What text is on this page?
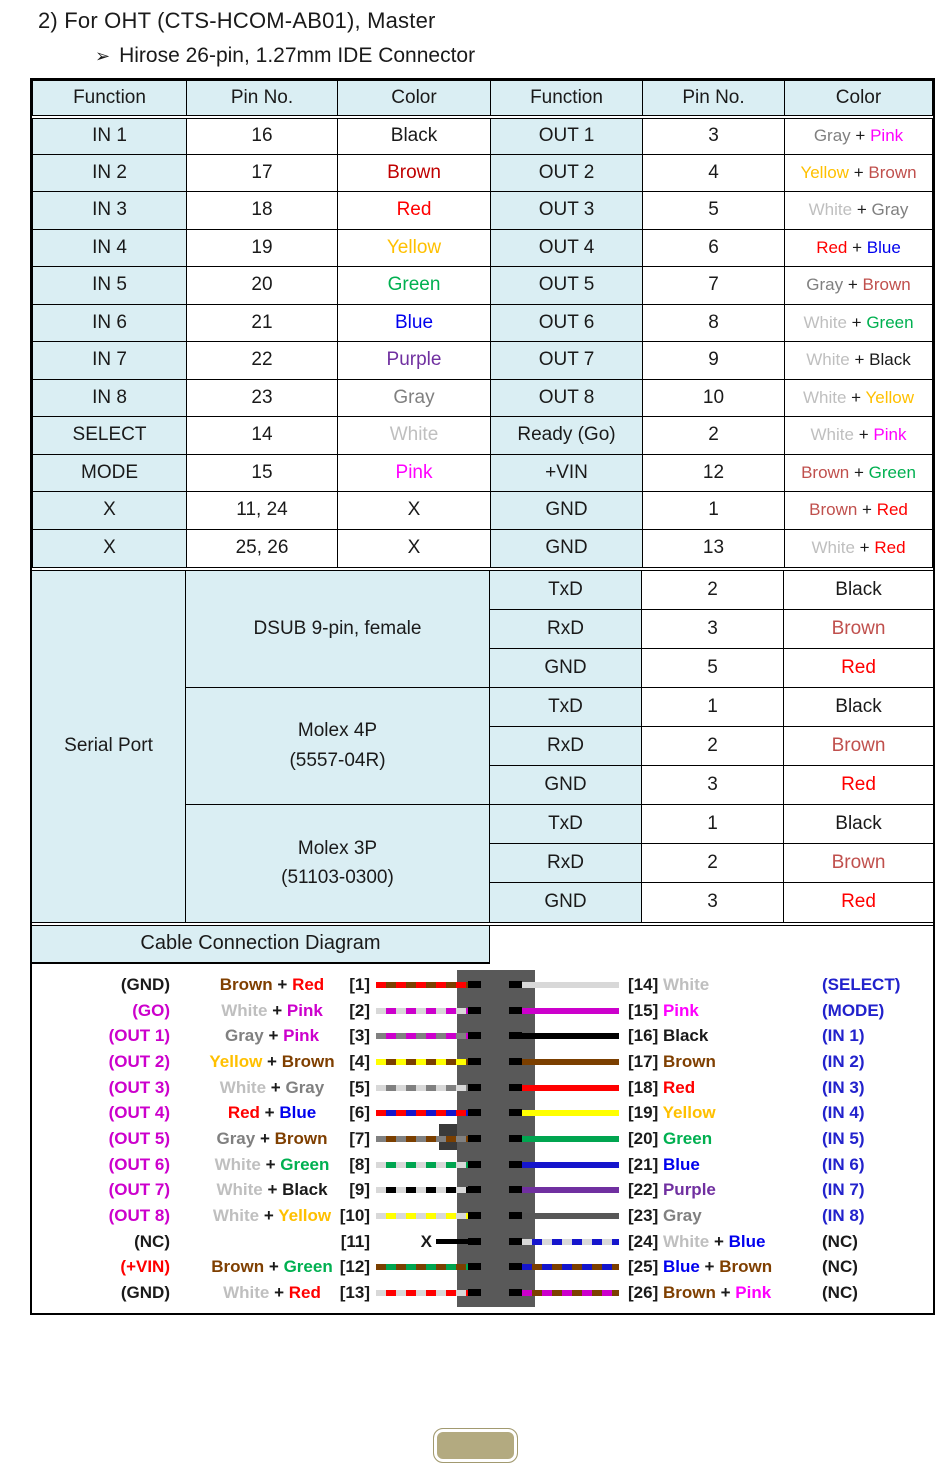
2) For OHT (CTS-HCOM-AB01), Master
➢ Hirose 26-pin, 1.27mm IDE Connector
Function	Pin No.	Color	Function	Pin No.	Color
IN 1	16	Black	OUT 1	3	Gray + Pink
IN 2	17	Brown	OUT 2	4	Yellow + Brown
IN 3	18	Red	OUT 3	5	White + Gray
IN 4	19	Yellow	OUT 4	6	Red + Blue
IN 5	20	Green	OUT 5	7	Gray + Brown
IN 6	21	Blue	OUT 6	8	White + Green
IN 7	22	Purple	OUT 7	9	White + Black
IN 8	23	Gray	OUT 8	10	White + Yellow
SELECT	14	White	Ready (Go)	2	White + Pink
MODE	15	Pink	+VIN	12	Brown + Green
X	11, 24	X	GND	1	Brown + Red
X	25, 26	X	GND	13	White + Red
Serial Port
DSUB 9-pin, female
TxD	2	Black
RxD	3	Brown
GND	5	Red
Molex 4P
(5557-04R)
TxD	1	Black
RxD	2	Brown
GND	3	Red
Molex 3P
(51103-0300)
TxD	1	Black
RxD	2	Brown
GND	3	Red
Cable Connection Diagram
(GND)	Brown + Red	[1]
(GO)	White + Pink	[2]
(OUT 1)	Gray + Pink	[3]
(OUT 2)	Yellow + Brown [4]
(OUT 3)	White + Gray	[5]
(OUT 4)	Red + Blue	[6]
(OUT 5)	Gray + Brown	[7]
(OUT 6)	White + Green	[8]
(OUT 7)	White + Black	[9]
(OUT 8)	White + Yellow [10]
(NC)	[11]	X
(+VIN)	Brown + Green [12]
(GND)	White + Red	[13]
[14] White	(SELECT)
[15] Pink	(MODE)
[16] Black	(IN 1)
[17] Brown	(IN 2)
[18] Red	(IN 3)
[19] Yellow	(IN 4)
[20] Green	(IN 5)
[21] Blue	(IN 6)
[22] Purple	(IN 7)
[23] Gray	(IN 8)
[24] White + Blue	(NC)
[25] Blue + Brown	(NC)
[26] Brown + Pink	(NC)
